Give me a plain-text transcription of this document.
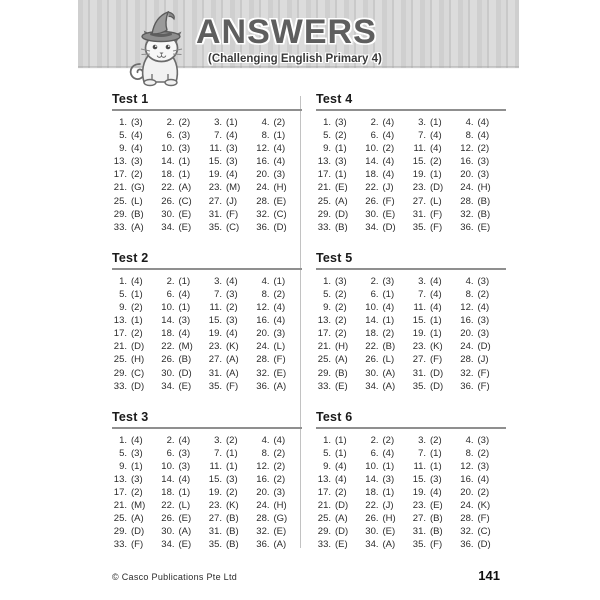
ANSWERS
(Challenging English Primary 4)
Test 1
1. (3)	2. (2)	3. (1)	4. (2)
5. (4)	6. (3)	7. (4)	8. (1)
9. (4) 10. (3) 11. (3) 12. (4)
13. (3) 14. (1) 15. (3) 16. (4)
17. (2) 18. (1) 19. (4) 20. (3)
21. (G) 22. (A) 23. (M) 24. (H)
25. (L) 26. (C) 27. (J) 28. (E)
29. (B) 30. (E) 31. (F) 32. (C)
33. (A) 34. (E) 35. (C) 36. (D)
Test 2
1. (4)	2. (1)	3. (4)	4. (1)
5. (1)	6. (4)	7. (3)	8. (2)
9. (2) 10. (1) 11. (2) 12. (4)
13. (1) 14. (3) 15. (3) 16. (4)
17. (2) 18. (4) 19. (4) 20. (3)
21. (D) 22. (M) 23. (K) 24. (L)
25. (H) 26. (B) 27. (A) 28. (F)
29. (C) 30. (D) 31. (A) 32. (E)
33. (D) 34. (E) 35. (F) 36. (A)
Test 3
1. (4)	2. (4)	3. (2)	4. (4)
5. (3)	6. (3)	7. (1)	8. (2)
9. (1) 10. (3) 11. (1) 12. (2)
13. (3) 14. (4) 15. (3) 16. (2)
17. (2) 18. (1) 19. (2) 20. (3)
21. (M) 22. (L) 23. (K) 24. (H)
25. (A) 26. (E) 27. (B) 28. (G)
29. (D) 30. (A) 31. (B) 32. (E)
33. (F) 34. (E) 35. (B) 36. (A)
Test 4
1. (3)	2. (4)	3. (1)	4. (4)
5. (2)	6. (4)	7. (4)	8. (4)
9. (1) 10. (2) 11. (4) 12. (2)
13. (3) 14. (4) 15. (2) 16. (3)
17. (1) 18. (4) 19. (1) 20. (3)
21. (E) 22. (J) 23. (D) 24. (H)
25. (A) 26. (F) 27. (L) 28. (B)
29. (D) 30. (E) 31. (F) 32. (B)
33. (B) 34. (D) 35. (F) 36. (E)
Test 5
1. (3)	2. (3)	3. (4)	4. (3)
5. (2)	6. (1)	7. (4)	8. (2)
9. (2) 10. (4) 11. (4) 12. (4)
13. (2) 14. (1) 15. (1) 16. (3)
17. (2) 18. (2) 19. (1) 20. (3)
21. (H) 22. (B) 23. (K) 24. (D)
25. (A) 26. (L) 27. (F) 28. (J)
29. (B) 30. (A) 31. (D) 32. (F)
33. (E) 34. (A) 35. (D) 36. (F)
Test 6
1. (1)	2. (2)	3. (2)	4. (3)
5. (1)	6. (4)	7. (1)	8. (2)
9. (4) 10. (1) 11. (1) 12. (3)
13. (4) 14. (3) 15. (3) 16. (4)
17. (2) 18. (1) 19. (4) 20. (2)
21. (D) 22. (J) 23. (E) 24. (K)
25. (A) 26. (H) 27. (B) 28. (F)
29. (D) 30. (E) 31. (B) 32. (C)
33. (E) 34. (A) 35. (F) 36. (D)
© Casco Publications Pte Ltd	141
